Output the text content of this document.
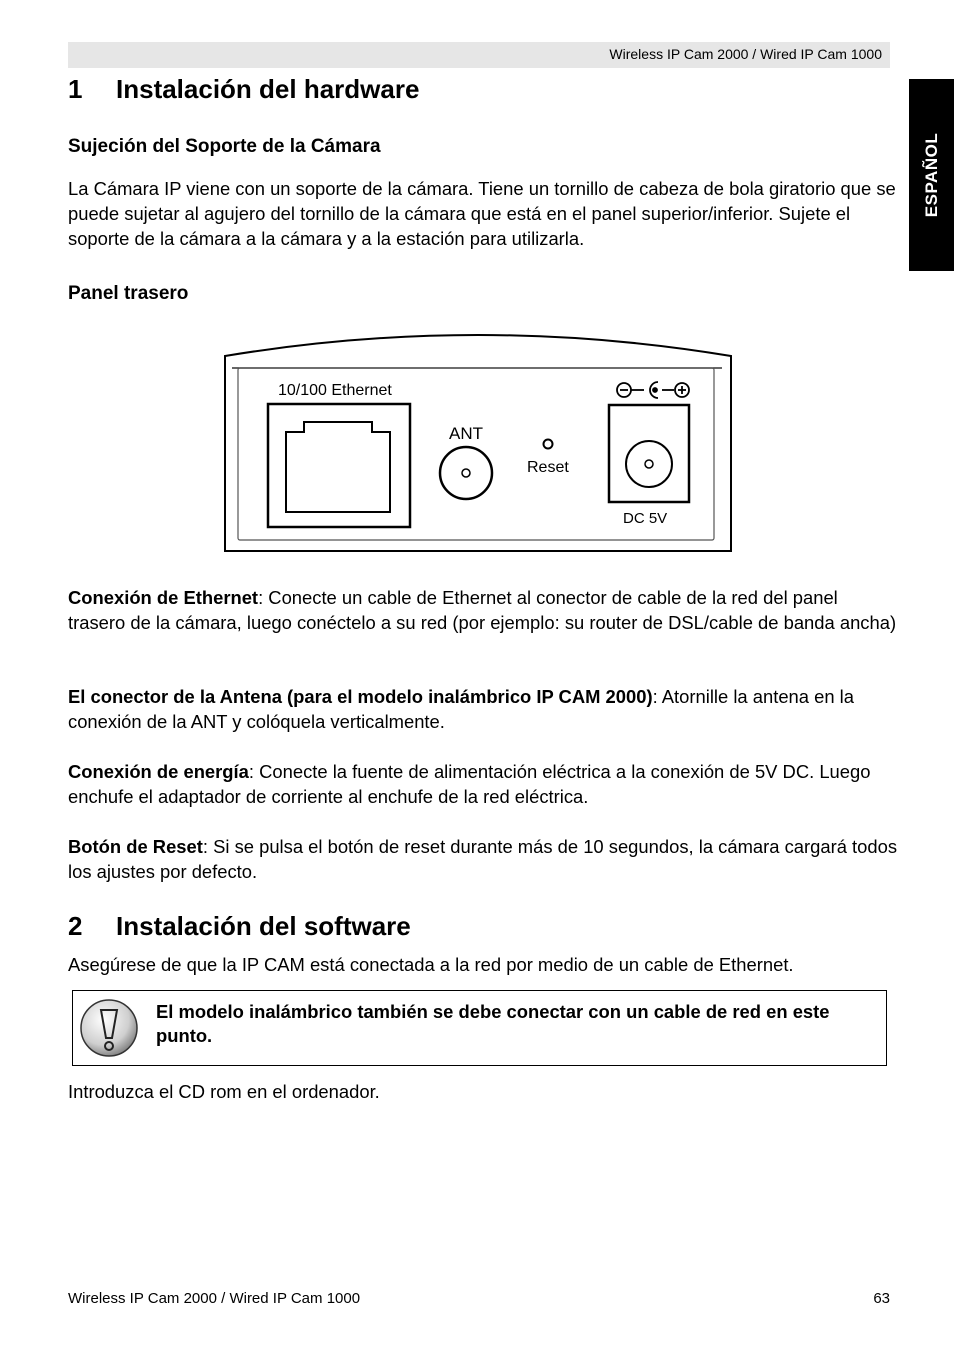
Wireless IP Cam 2000 / Wired IP Cam 1000
ESPAÑOL
1	Instalación del hardware
Sujeción del Soporte de la Cámara
La Cámara IP viene con un soporte de la cámara. Tiene un tornillo de cabeza de bola giratorio que se puede sujetar al agujero del tornillo de la cámara que está en el panel superior/inferior. Sujete el soporte de la cámara a la cámara y a la estación para utilizarla.
Panel trasero
10/100 Ethernet
ANT
Reset
DC 5V
Conexión de Ethernet: Conecte un cable de Ethernet al conector de cable de la red del panel trasero de la cámara, luego conéctelo a su red (por ejemplo: su router de DSL/cable de banda ancha)
El conector de la Antena (para el modelo inalámbrico IP CAM 2000): Atornille la antena en la conexión de la ANT y colóquela verticalmente.
Conexión de energía: Conecte la fuente de alimentación eléctrica a la conexión de 5V DC. Luego enchufe el adaptador de corriente al enchufe de la red eléctrica.
Botón de Reset: Si se pulsa el botón de reset durante más de 10 segundos, la cámara cargará todos los ajustes por defecto.
2	Instalación del software
Asegúrese de que la IP CAM está conectada a la red por medio de un cable de Ethernet.
El modelo inalámbrico también se debe conectar con un cable de red en este punto.
Introduzca el CD rom en el ordenador.
Wireless IP Cam 2000 / Wired IP Cam 1000	63
